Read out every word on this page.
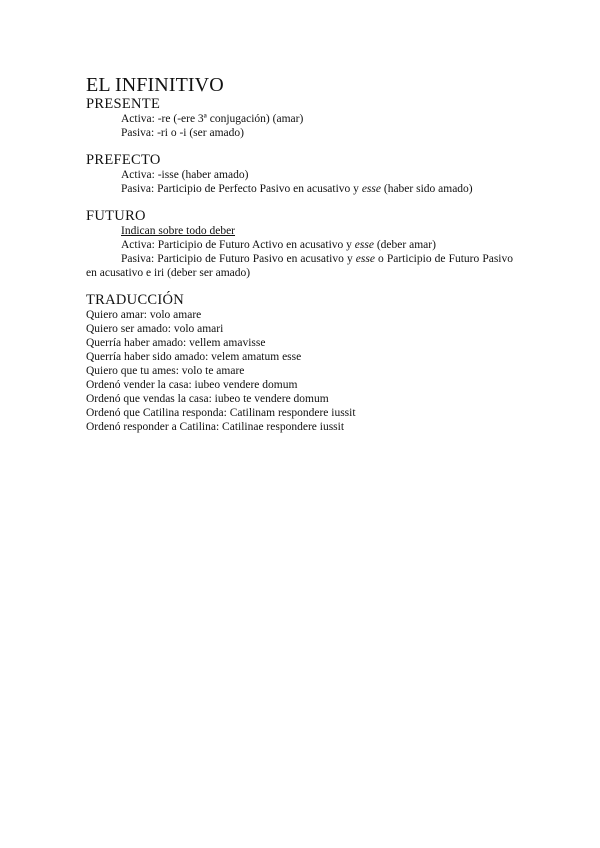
EL INFINITIVO
PRESENTE
Activa: -re (-ere 3ª conjugación) (amar)
Pasiva: -ri o -i (ser amado)
PREFECTO
Activa: -isse (haber amado)
Pasiva: Participio de Perfecto Pasivo en acusativo y esse (haber sido amado)
FUTURO
Indican sobre todo deber
Activa: Participio de Futuro Activo en acusativo y esse (deber amar)
Pasiva: Participio de Futuro Pasivo en acusativo y esse o Participio de Futuro Pasivo en acusativo e iri (deber ser amado)
TRADUCCIÓN
Quiero amar: volo amare
Quiero ser amado: volo amari
Querría haber amado: vellem amavisse
Querría haber sido amado: velem amatum esse
Quiero que tu ames: volo te amare
Ordenó vender la casa: iubeo vendere domum
Ordenó que vendas la casa: iubeo te vendere domum
Ordenó que Catilina responda: Catilinam respondere iussit
Ordenó responder a Catilina: Catilinae respondere iussit
